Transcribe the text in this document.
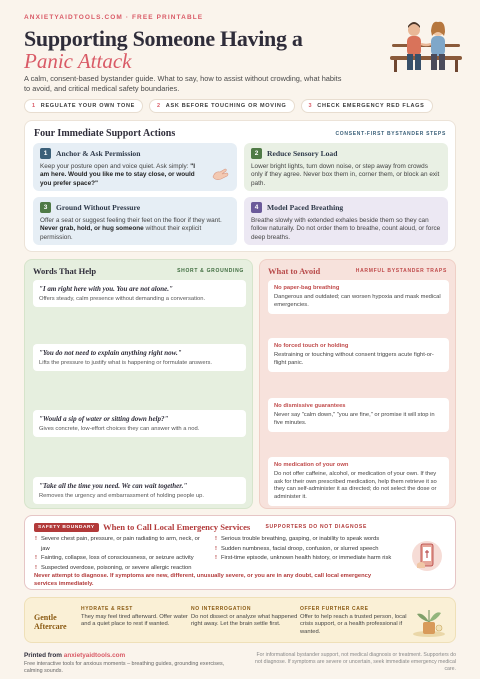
ANXIETYAIDTOOLS.COM · FREE PRINTABLE
Supporting Someone Having a
Panic Attack
A calm, consent-based bystander guide. What to say, how to assist without crowding, what habits to avoid, and critical medical safety boundaries.
1 REGULATE YOUR OWN TONE	2 ASK BEFORE TOUCHING OR MOVING	3 CHECK EMERGENCY RED FLAGS
Four Immediate Support Actions	CONSENT-FIRST BYSTANDER STEPS
1	Anchor & Ask Permission
Keep your posture open and voice quiet. Ask simply: "I am here. Would you like me to stay close, or would you prefer space?"
2	Reduce Sensory Load
Lower bright lights, turn down noise, or step away from crowds only if they agree. Never box them in, corner them, or block an exit path.
3	Ground Without Pressure
Offer a seat or suggest feeling their feet on the floor if they want. Never grab, hold, or hug someone without their explicit permission.
4	Model Paced Breathing
Breathe slowly with extended exhales beside them so they can follow naturally. Do not order them to breathe, count aloud, or force deep breaths.
Words That Help	SHORT & GROUNDING
"I am right here with you. You are not alone."
Offers steady, calm presence without demanding a conversation.
"You do not need to explain anything right now."
Lifts the pressure to justify what is happening or formulate answers.
"Would a sip of water or sitting down help?"
Gives concrete, low-effort choices they can answer with a nod.
"Take all the time you need. We can wait together."
Removes the urgency and embarrassment of holding people up.
What to Avoid	HARMFUL BYSTANDER TRAPS
No paper-bag breathing
Dangerous and outdated; can worsen hypoxia and mask medical emergencies.
No forced touch or holding
Restraining or touching without consent triggers acute fight-or-flight panic.
No dismissive guarantees
Never say "calm down," "you are fine," or promise it will stop in five minutes.
No medication of your own
Do not offer caffeine, alcohol, or medication of your own. If they ask for their own prescribed medication, help them retrieve it so they can self-administer it as directed; do not select the dose or administer it.
SAFETY BOUNDARY When to Call Local Emergency Services	SUPPORTERS DO NOT DIAGNOSE
! Severe chest pain, pressure, or pain radiating to arm, neck, or jaw
! Fainting, collapse, loss of consciousness, or seizure activity
! Suspected overdose, poisoning, or severe allergic reaction
! Serious trouble breathing, gasping, or inability to speak words
! Sudden numbness, facial droop, confusion, or slurred speech
! First-time episode, unknown health history, or immediate harm risk
Never attempt to diagnose. If symptoms are new, different, unusually severe, or you are in any doubt, call local emergency services immediately.
Gentle Aftercare
HYDRATE & REST
They may feel tired afterward. Offer water and a quiet place to rest if wanted.
NO INTERROGATION
Do not dissect or analyze what happened right away. Let the brain settle first.
OFFER FURTHER CARE
Offer to help reach a trusted person, local crisis support, or a health professional if wanted.
Printed from anxietyaidtools.com
Free interactive tools for anxious moments – breathing guides, grounding exercises, calming sounds.
For informational bystander support, not medical diagnosis or treatment. Supporters do not diagnose. If symptoms are severe or uncertain, seek immediate emergency medical care.
